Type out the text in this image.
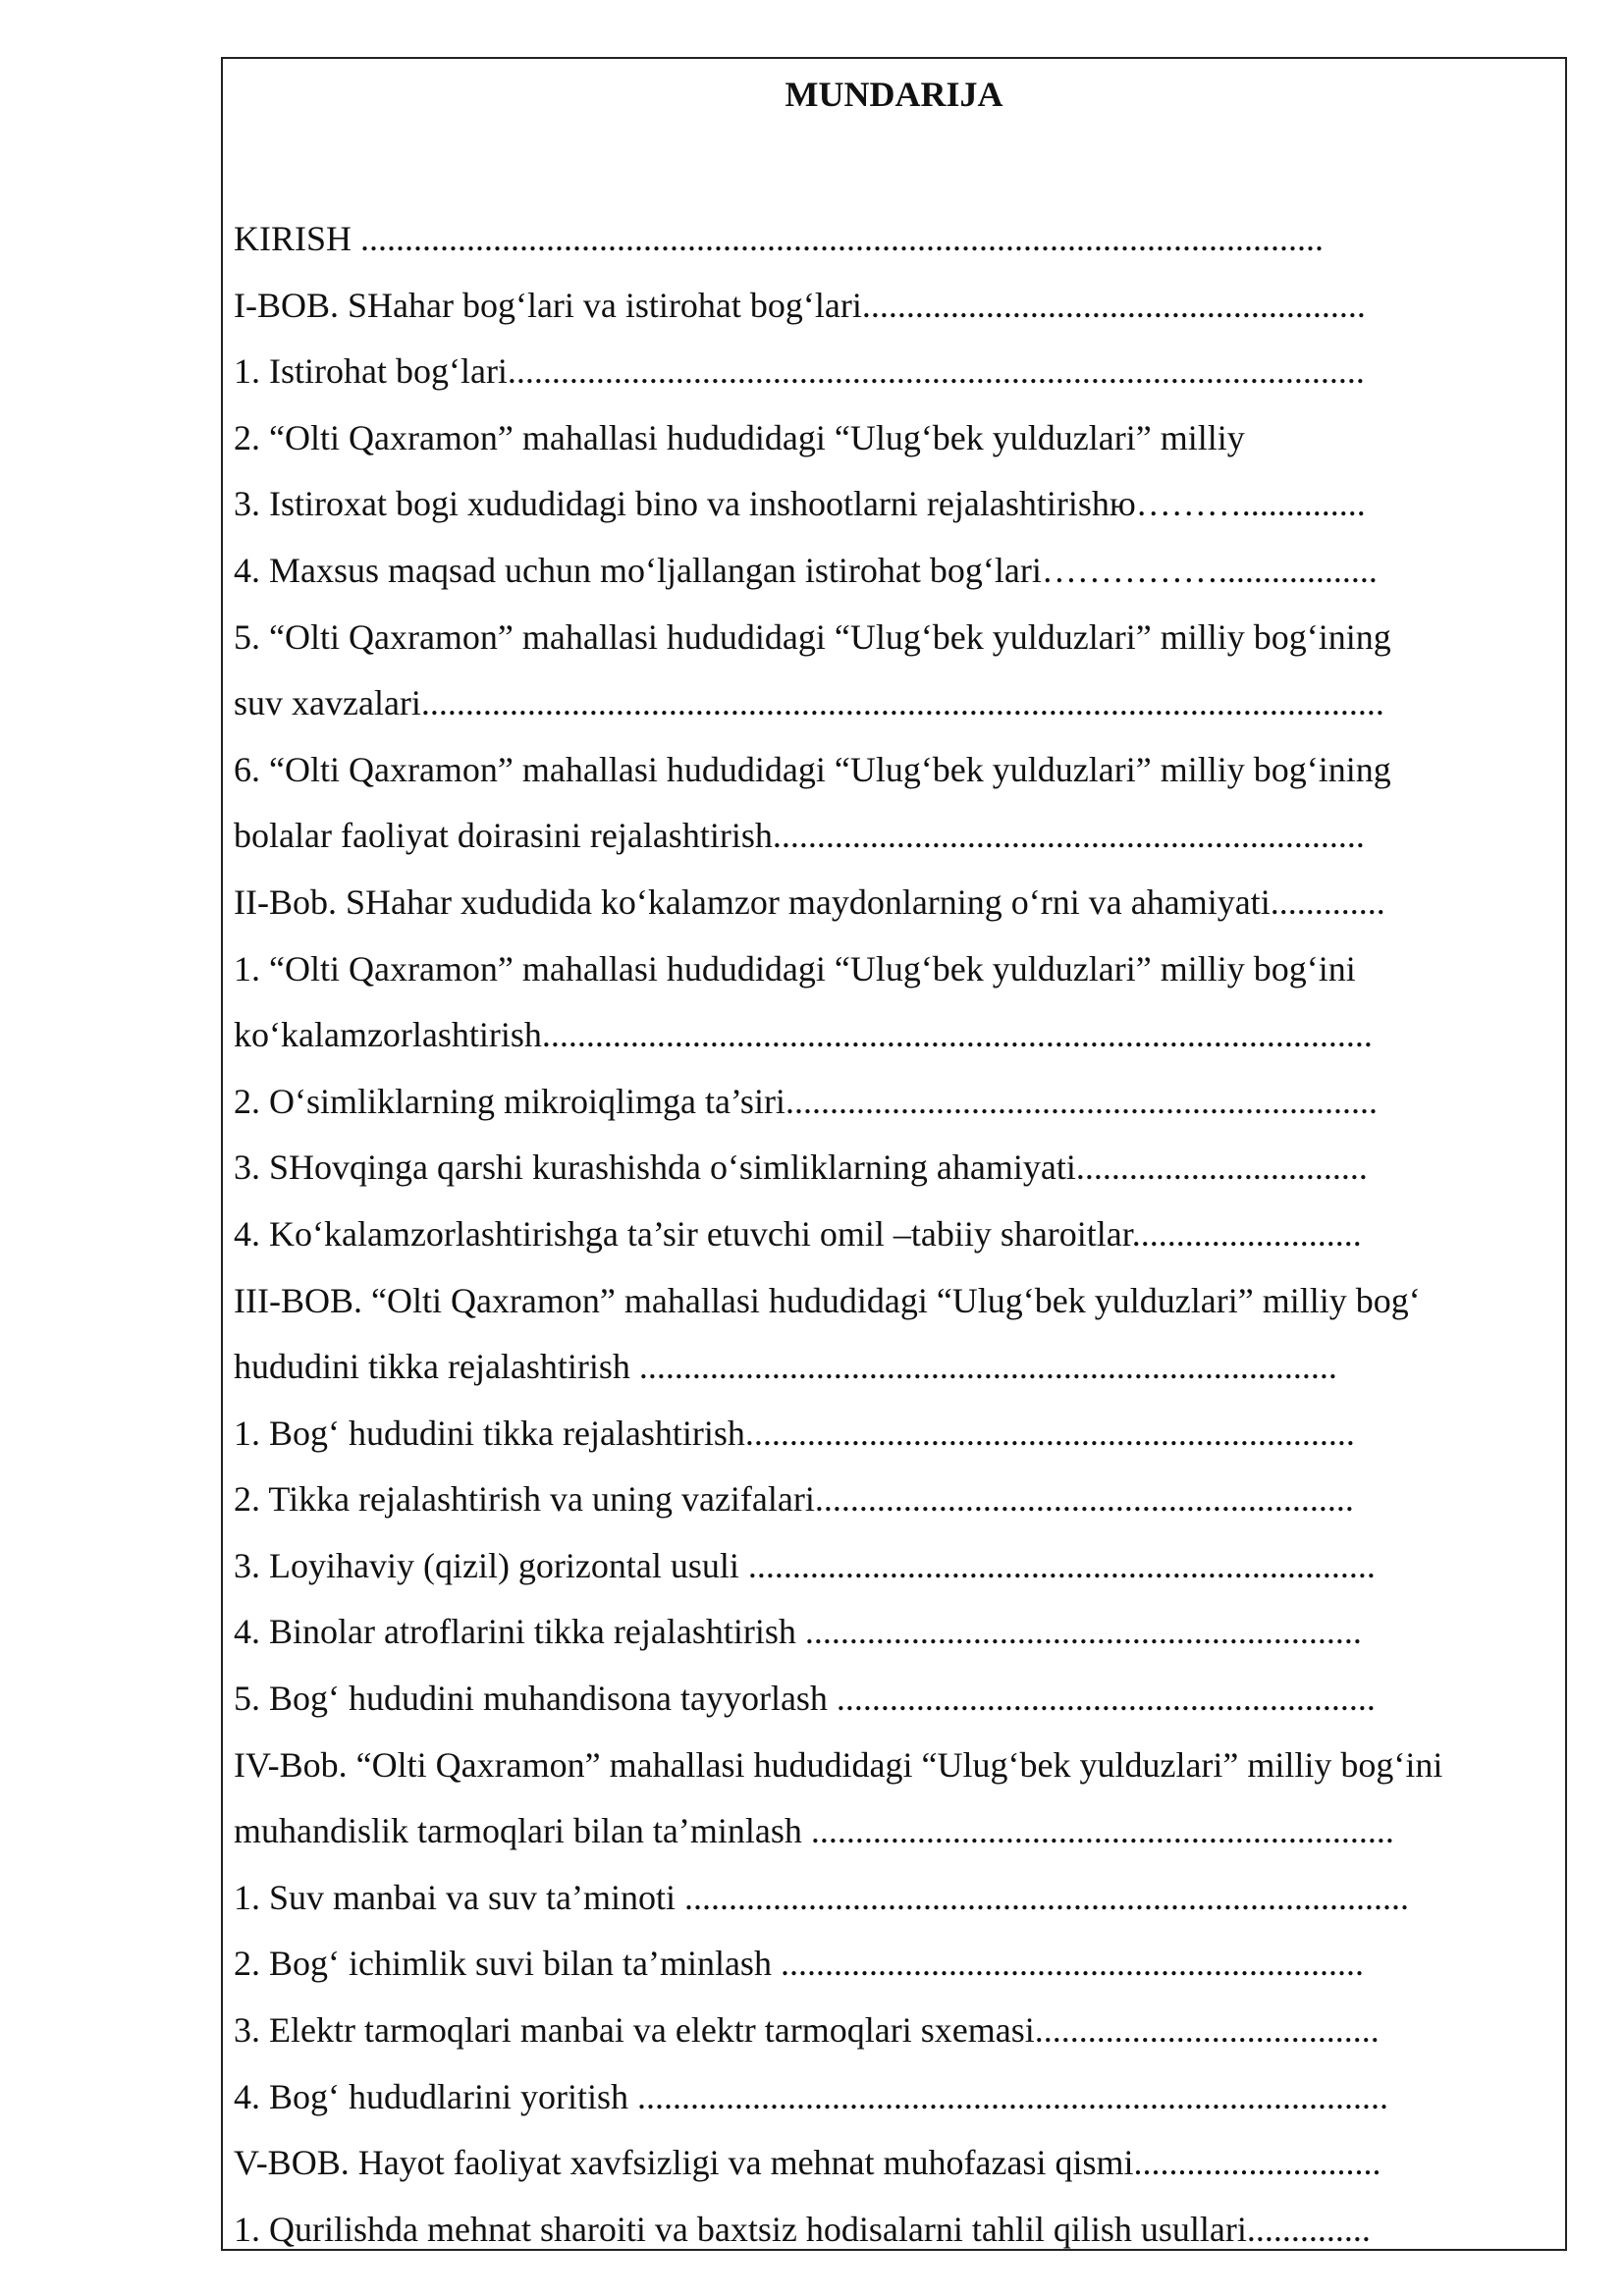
MUNDARIJA
KIRISH .............................................................................................................
I-BOB. SHahar bog‘lari va istirohat bog‘lari.........................................................
1. Istirohat bog‘lari.................................................................................................
2. “Olti Qaxramon” mahallasi hududidagi “Ulug‘bek yulduzlari” milliy
3. Istiroxat bogi xududidagi bino va inshootlarni rejalashtirishю………..............
4. Maxsus maqsad uchun mo‘ljallangan istirohat bog‘lari……………..................
5. “Olti Qaxramon” mahallasi hududidagi “Ulug‘bek yulduzlari” milliy bog‘ining
suv xavzalari.............................................................................................................
6. “Olti Qaxramon” mahallasi hududidagi “Ulug‘bek yulduzlari” milliy bog‘ining
bolalar faoliyat doirasini rejalashtirish...................................................................
II-Bob. SHahar xududida ko‘kalamzor maydonlarning o‘rni va ahamiyati.............
1. “Olti Qaxramon” mahallasi hududidagi “Ulug‘bek yulduzlari” milliy bog‘ini
ko‘kalamzorlashtirish..............................................................................................
2. O‘simliklarning mikroiqlimga ta’siri...................................................................
3. SHovqinga qarshi kurashishda o‘simliklarning ahamiyati.................................
4. Ko‘kalamzorlashtirishga ta’sir etuvchi omil –tabiiy sharoitlar..........................
III-BOB. “Olti Qaxramon” mahallasi hududidagi “Ulug‘bek yulduzlari” milliy bog‘
hududini tikka rejalashtirish ...............................................................................
1. Bog‘ hududini tikka rejalashtirish.....................................................................
2. Tikka rejalashtirish va uning vazifalari.............................................................
3. Loyihaviy (qizil) gorizontal usuli .......................................................................
4. Binolar atroflarini tikka rejalashtirish ...............................................................
5. Bog‘ hududini muhandisona tayyorlash .............................................................
IV-Bob. “Olti Qaxramon” mahallasi hududidagi “Ulug‘bek yulduzlari” milliy bog‘ini
muhandislik tarmoqlari bilan ta’minlash ..................................................................
1. Suv manbai va suv ta’minoti ..................................................................................
2. Bog‘ ichimlik suvi bilan ta’minlash ..................................................................
3. Elektr tarmoqlari manbai va elektr tarmoqlari sxemasi.......................................
4. Bog‘ hududlarini yoritish .....................................................................................
V-BOB. Hayot faoliyat xavfsizligi va mehnat muhofazasi qismi............................
1. Qurilishda mehnat sharoiti va baxtsiz hodisalarni tahlil qilish usullari..............
